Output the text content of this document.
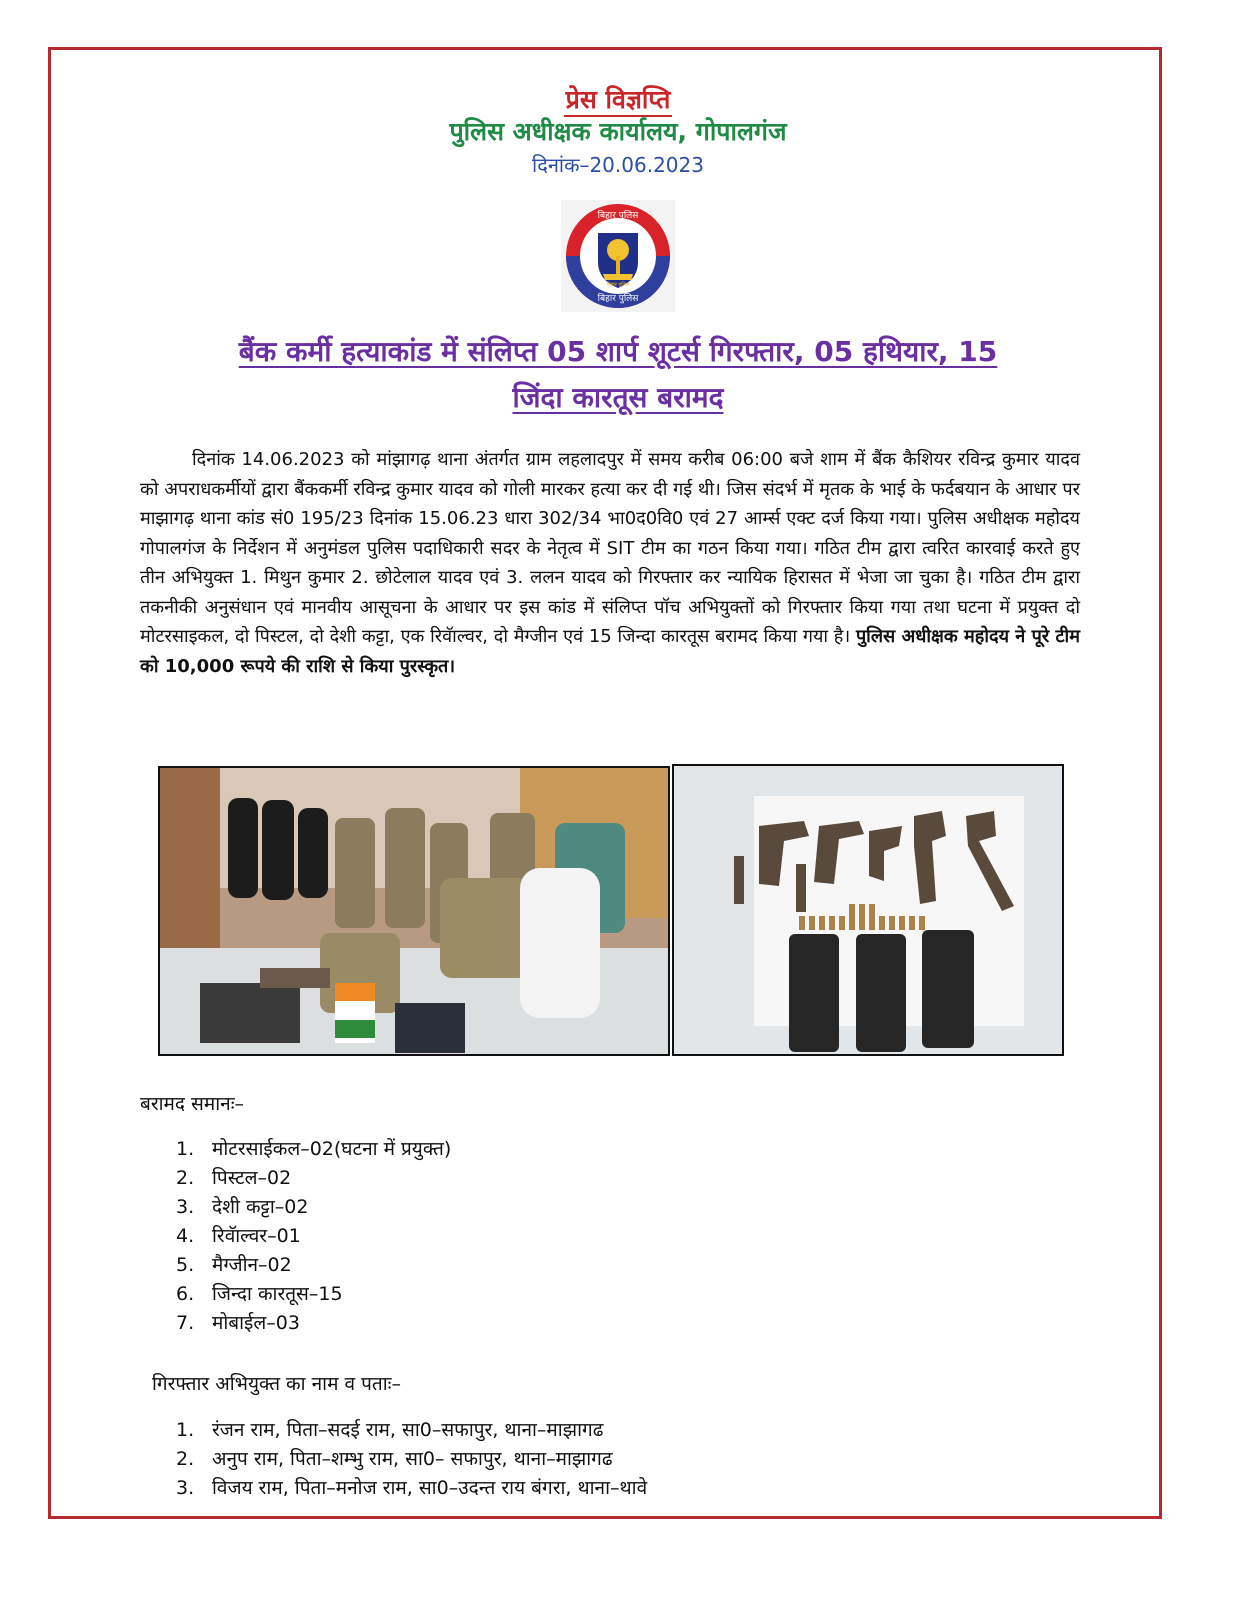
प्रेस विज्ञप्ति
पुलिस अधीक्षक कार्यालय, गोपालगंज
दिनांक–20.06.2023
बिहार पुलिस
बिहार पुलिस
बिहार पुलिस
बैंक कर्मी हत्याकांड में संलिप्त 05 शार्प शूटर्स गिरफ्तार, 05 हथियार, 15
जिंदा कारतूस बरामद
दिनांक 14.06.2023 को मांझागढ़ थाना अंतर्गत ग्राम लहलादपुर में समय करीब 06:00 बजे शाम में बैंक कैशियर रविन्द्र कुमार यादव को अपराधकर्मीयों द्वारा बैंककर्मी रविन्द्र कुमार यादव को गोली मारकर हत्या कर दी गई थी। जिस संदर्भ में मृतक के भाई के फर्दबयान के आधार पर माझागढ़ थाना कांड सं0 195/23 दिनांक 15.06.23 धारा 302/34 भा0द0वि0 एवं 27 आर्म्स एक्ट दर्ज किया गया। पुलिस अधीक्षक महोदय गोपालगंज के निर्देशन में अनुमंडल पुलिस पदाधिकारी सदर के नेतृत्व में SIT टीम का गठन किया गया। गठित टीम द्वारा त्वरित कारवाई करते हुए तीन अभियुक्त 1. मिथुन कुमार 2. छोटेलाल यादव एवं 3. ललन यादव को गिरफ्तार कर न्यायिक हिरासत में भेजा जा चुका है। गठित टीम द्वारा तकनीकी अनुसंधान एवं मानवीय आसूचना के आधार पर इस कांड में संलिप्त पॉच अभियुक्तों को गिरफ्तार किया गया तथा घटना में प्रयुक्त दो मोटरसाइकल, दो पिस्टल, दो देशी कट्टा, एक रिवॅाल्वर, दो मैग्जीन एवं 15 जिन्दा कारतूस बरामद किया गया है। पुलिस अधीक्षक महोदय ने पूरे टीम को 10,000 रूपये की राशि से किया पुरस्कृत।
बरामद समानः–
1. मोटरसाईकल–02(घटना में प्रयुक्त)
2. पिस्टल–02
3. देशी कट्टा–02
4. रिवॅाल्वर–01
5. मैग्जीन–02
6. जिन्दा कारतूस–15
7. मोबाईल–03
गिरफ्तार अभियुक्त का नाम व पताः–
1. रंजन राम, पिता–सदई राम, सा0–सफापुर, थाना–माझागढ
2. अनुप राम, पिता–शम्भु राम, सा0– सफापुर, थाना–माझागढ
3. विजय राम, पिता–मनोज राम, सा0–उदन्त राय बंगरा, थाना–थावे
